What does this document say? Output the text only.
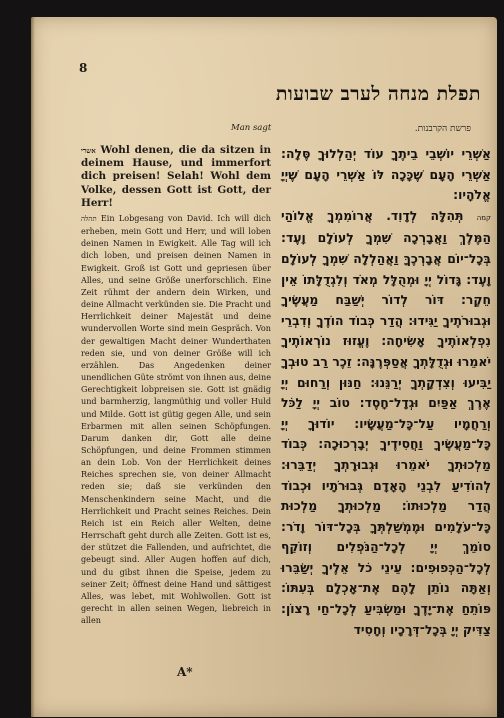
8
תפלת מנחה לערב שבועות
Man sagt	פרשת הקרבנות.

אשרי Wohl denen, die da sitzen in deinem Hause, und immerfort dich preisen! Selah! Wohl dem Volke, dessen Gott ist Gott, der Herr!

תהלה Ein Lobgesang von David. Ich will dich erheben, mein Gott und Herr, und will loben deinen Namen in Ewigkeit. Alle Tag will ich dich loben, und preisen deinen Namen in Ewigkeit. Groß ist Gott und gepriesen über Alles, und seine Größe unerforschlich. Eine Zeit rühmt der andern dein Wirken, und deine Allmacht verkünden sie. Die Pracht und Herrlichkeit deiner Majestät und deine wundervollen Worte sind mein Gespräch. Von der gewaltigen Macht deiner Wunderthaten reden sie, und von deiner Größe will ich erzählen. Das Angedenken deiner unendlichen Güte strömt von ihnen aus, deine Gerechtigkeit lobpreisen sie. Gott ist gnädig und barmherzig, langmüthig und voller Huld und Milde. Gott ist gütig gegen Alle, und sein Erbarmen mit allen seinen Schöpfungen. Darum danken dir, Gott alle deine Schöpfungen, und deine Frommen stimmen an dein Lob. Von der Herrlichkeit deines Reiches sprechen sie, von deiner Allmacht reden sie; daß sie verkünden den Menschenkindern seine Macht, und die Herrlichkeit und Pracht seines Reiches. Dein Reich ist ein Reich aller Welten, deine Herrschaft geht durch alle Zeiten. Gott ist es, der stützet die Fallenden, und aufrichtet, die gebeugt sind. Aller Augen hoffen auf dich, und du gibst ihnen die Speise, jedem zu seiner Zeit; öffnest deine Hand und sättigest Alles, was lebet, mit Wohlwollen. Gott ist gerecht in allen seinen Wegen, liebreich in allen

אַשְׁרֵי יוֹשְׁבֵי בֵיתֶךָ עוֹד יְהַלְלוּךָ סֶּלָה: אַשְׁרֵי הָעָם שֶׁכָּכָה לּוֹ אַשְׁרֵי הָעָם שֶׁיְיָ אֱלֹהָיו:

קמה תְּהִלָּה לְדָוִד. אֲרוֹמִמְךָ אֱלוֹהַי הַמֶּלֶךְ וַאֲבָרְכָה שִׁמְךָ לְעוֹלָם וָעֶד: בְּכָל־יוֹם אֲבָרְכֶךָּ וַאֲהַלְלָה שִׁמְךָ לְעוֹלָם וָעֶד: גָּדוֹל יְיָ וּמְהֻלָּל מְאֹד וְלִגְדֻלָּתוֹ אֵין חֵקֶר: דּוֹר לְדוֹר יְשַׁבַּח מַעֲשֶׂיךָ וּגְבוּרֹתֶיךָ יַגִּידוּ: הֲדַר כְּבוֹד הוֹדֶךָ וְדִבְרֵי נִפְלְאוֹתֶיךָ אָשִׂיחָה: וֶעֱזוּז נוֹרְאוֹתֶיךָ יֹאמֵרוּ וּגְדֻלָּתְךָ אֲסַפְּרֶנָּה: זֵכֶר רַב טוּבְךָ יַבִּיעוּ וְצִדְקָתְךָ יְרַנֵּנוּ: חַנּוּן וְרַחוּם יְיָ אֶרֶךְ אַפַּיִם וּגְדָל־חָסֶד: טוֹב יְיָ לַכֹּל וְרַחֲמָיו עַל־כָּל־מַעֲשָׂיו: יוֹדוּךָ יְיָ כָּל־מַעֲשֶׂיךָ וַחֲסִידֶיךָ יְבָרְכוּכָה: כְּבוֹד מַלְכוּתְךָ יֹאמֵרוּ וּגְבוּרָתְךָ יְדַבֵּרוּ: לְהוֹדִיעַ לִבְנֵי הָאָדָם גְּבוּרֹתָיו וּכְבוֹד הֲדַר מַלְכוּתוֹ: מַלְכוּתְךָ מַלְכוּת כָּל־עֹלָמִים וּמֶמְשַׁלְתְּךָ בְּכָל־דּוֹר וָדֹר: סוֹמֵךְ יְיָ לְכָל־הַנֹּפְלִים וְזוֹקֵף לְכָל־הַכְּפוּפִים: עֵינֵי כֹל אֵלֶיךָ יְשַׂבֵּרוּ וְאַתָּה נוֹתֵן לָהֶם אֶת־אָכְלָם בְּעִתּוֹ: פּוֹתֵחַ אֶת־יָדֶךָ וּמַשְׂבִּיעַ לְכָל־חַי רָצוֹן: צַדִּיק יְיָ בְּכָל־דְּרָכָיו וְחָסִיד

A*
